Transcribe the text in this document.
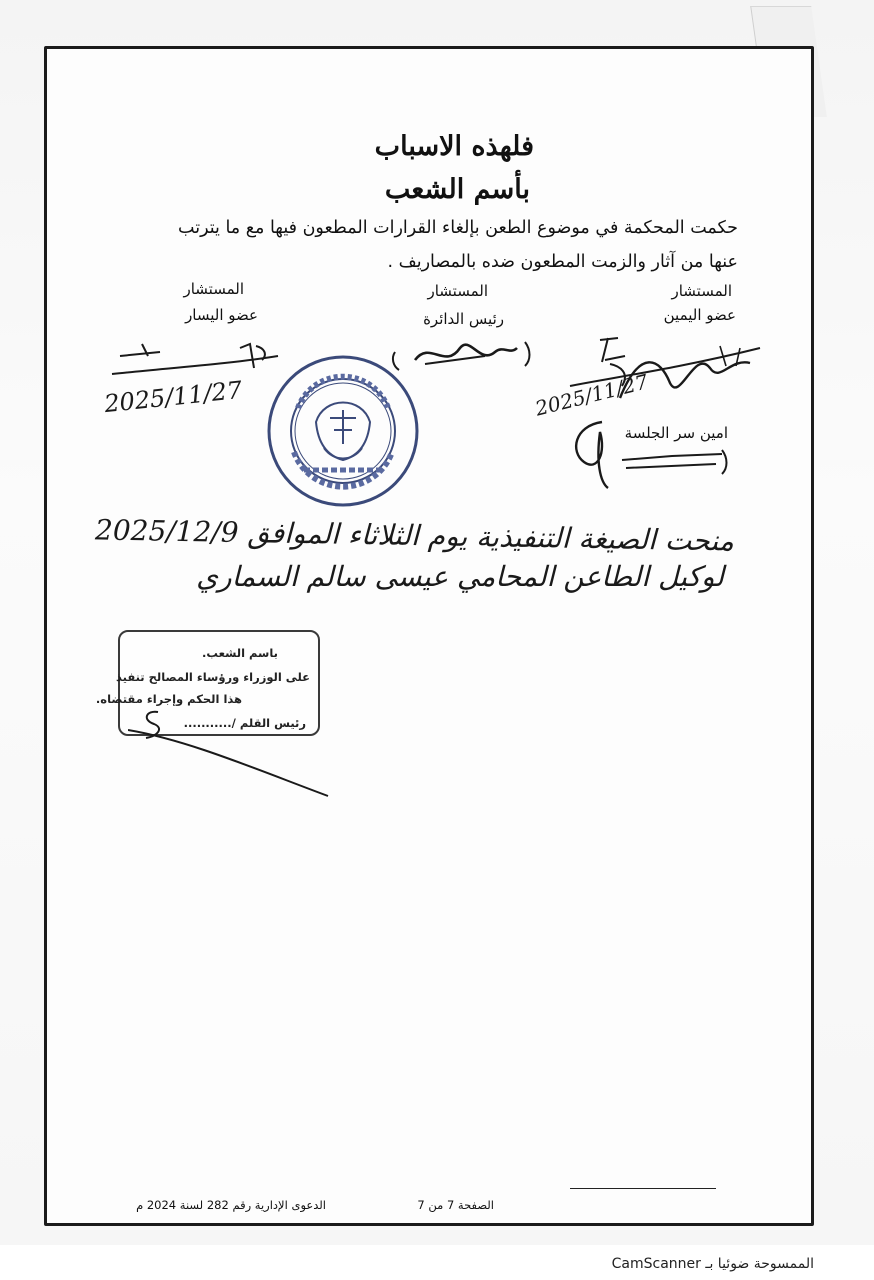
فلهذه الاسباب
بأسم الشعب
حكمت المحكمة في موضوع الطعن بإلغاء القرارات المطعون فيها مع ما يترتب
عنها من آثار والزمت المطعون ضده بالمصاريف .
المستشار
عضو اليمين
المستشار
رئيس الدائرة
المستشار
عضو اليسار
2025/11/27
2025/11/27
امين سر الجلسة
منحت الصيغة التنفيذية يوم الثلاثاء الموافق 2025/12/9
لوكيل الطاعن المحامي عيسى سالم السماري
باسم الشعب.
على الوزراء ورؤساء المصالح تنفيذ
هذا الحكم وإجراء مقتضاه.
رئيس القلم /...........
الصفحة 7 من 7
الدعوى الإدارية رقم 282 لسنة 2024 م
الممسوحة ضوئيا بـ CamScanner
